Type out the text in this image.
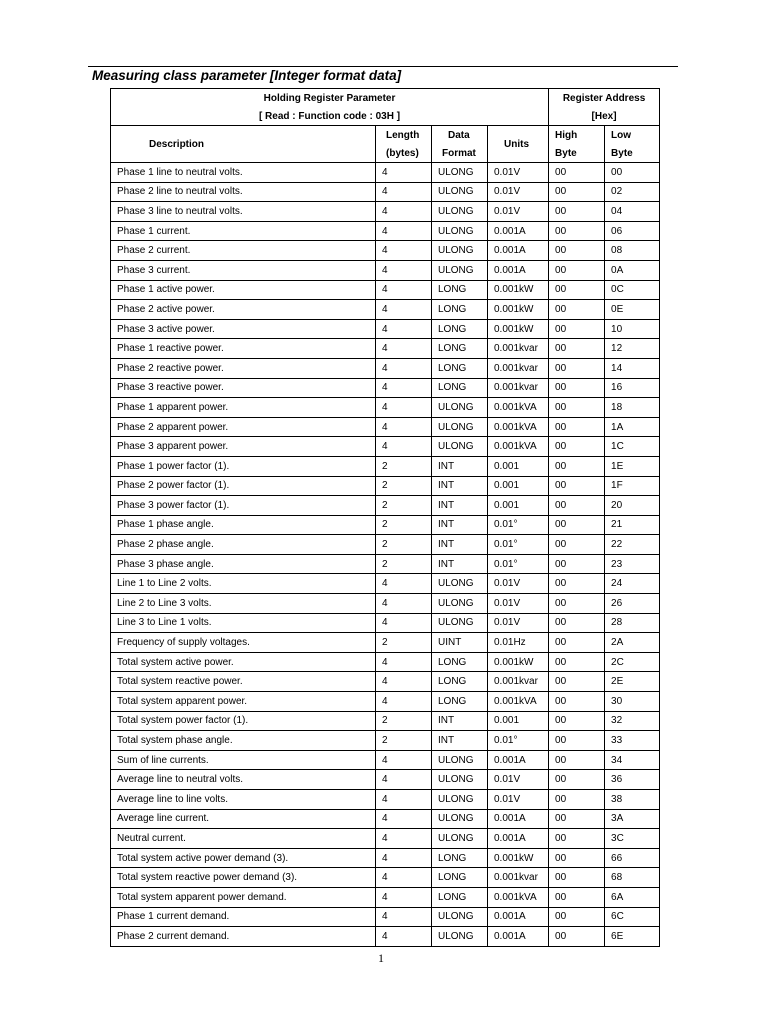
Measuring class parameter [Integer format data]
Holding Register Parameter				Register Address	
[ Read : Function code : 03H ]				[Hex]	
Description	Length	Data	Units	High	Low
	(bytes)	Format		Byte	Byte
Phase 1 line to neutral volts.	4	ULONG	0.01V	00	00
Phase 2 line to neutral volts.	4	ULONG	0.01V	00	02
Phase 3 line to neutral volts.	4	ULONG	0.01V	00	04
Phase 1 current.	4	ULONG	0.001A	00	06
Phase 2 current.	4	ULONG	0.001A	00	08
Phase 3 current.	4	ULONG	0.001A	00	0A
Phase 1 active power.	4	LONG	0.001kW	00	0C
Phase 2 active power.	4	LONG	0.001kW	00	0E
Phase 3 active power.	4	LONG	0.001kW	00	10
Phase 1 reactive power.	4	LONG	0.001kvar	00	12
Phase 2 reactive power.	4	LONG	0.001kvar	00	14
Phase 3 reactive power.	4	LONG	0.001kvar	00	16
Phase 1 apparent power.	4	ULONG	0.001kVA	00	18
Phase 2 apparent power.	4	ULONG	0.001kVA	00	1A
Phase 3 apparent power.	4	ULONG	0.001kVA	00	1C
Phase 1 power factor (1).	2	INT	0.001	00	1E
Phase 2 power factor (1).	2	INT	0.001	00	1F
Phase 3 power factor (1).	2	INT	0.001	00	20
Phase 1 phase angle.	2	INT	0.01°	00	21
Phase 2 phase angle.	2	INT	0.01°	00	22
Phase 3 phase angle.	2	INT	0.01°	00	23
Line 1 to Line 2 volts.	4	ULONG	0.01V	00	24
Line 2 to Line 3 volts.	4	ULONG	0.01V	00	26
Line 3 to Line 1 volts.	4	ULONG	0.01V	00	28
Frequency of supply voltages.	2	UINT	0.01Hz	00	2A
Total system active power.	4	LONG	0.001kW	00	2C
Total system reactive power.	4	LONG	0.001kvar	00	2E
Total system apparent power.	4	LONG	0.001kVA	00	30
Total system power factor (1).	2	INT	0.001	00	32
Total system phase angle.	2	INT	0.01°	00	33
Sum of line currents.	4	ULONG	0.001A	00	34
Average line to neutral volts.	4	ULONG	0.01V	00	36
Average line to line volts.	4	ULONG	0.01V	00	38
Average line current.	4	ULONG	0.001A	00	3A
Neutral current.	4	ULONG	0.001A	00	3C
Total system active power demand (3).	4	LONG	0.001kW	00	66
Total system reactive power demand (3).	4	LONG	0.001kvar	00	68
Total system apparent power demand.	4	LONG	0.001kVA	00	6A
Phase 1 current demand.	4	ULONG	0.001A	00	6C
Phase 2 current demand.	4	ULONG	0.001A	00	6E
1
